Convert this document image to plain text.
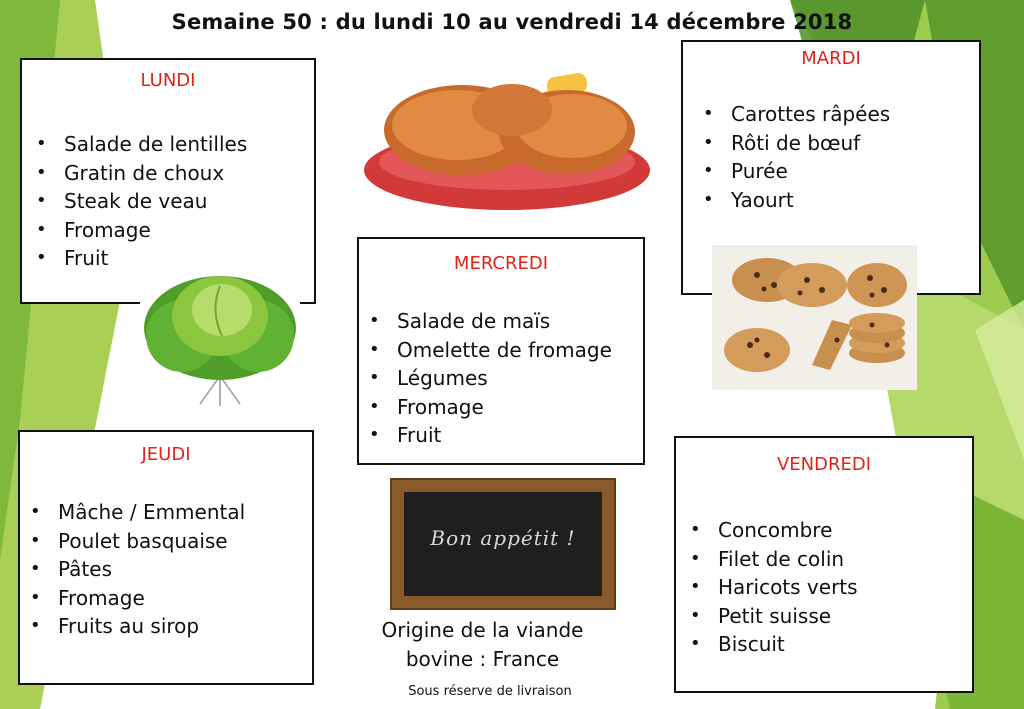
Semaine 50 : du lundi 10 au vendredi 14 décembre 2018
LUNDI
• Salade de lentilles
• Gratin de choux
• Steak de veau
• Fromage
• Fruit
MARDI
• Carottes râpées
• Rôti de bœuf
• Purée
• Yaourt
MERCREDI
• Salade de maïs
• Omelette de fromage
• Légumes
• Fromage
• Fruit
JEUDI
• Mâche / Emmental
• Poulet basquaise
• Pâtes
• Fromage
• Fruits au sirop
VENDREDI
• Concombre
• Filet de colin
• Haricots verts
• Petit suisse
• Biscuit
Bon appétit !
Origine de la viande
bovine : France
Sous réserve de livraison
